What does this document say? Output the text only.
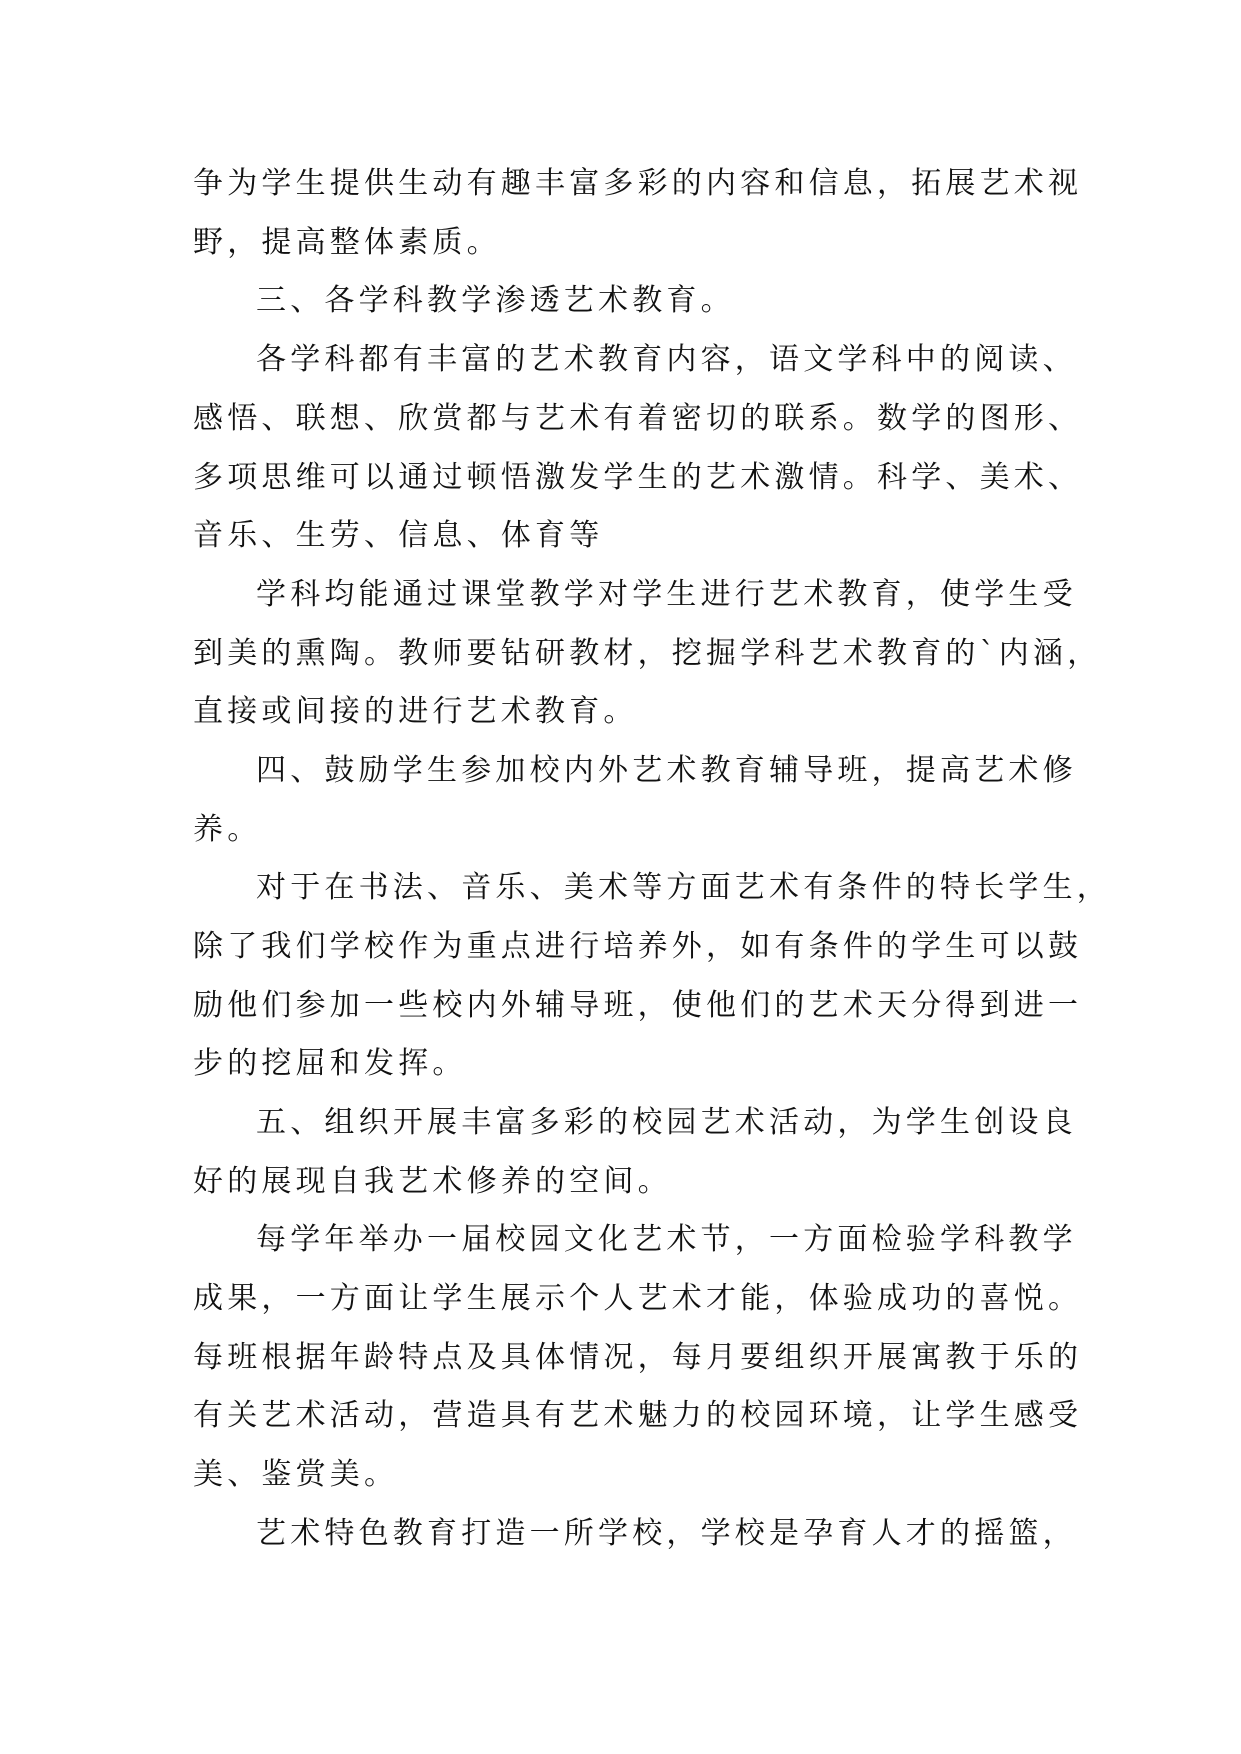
争为学生提供生动有趣丰富多彩的内容和信息，拓展艺术视
野，提高整体素质。
三、各学科教学渗透艺术教育。
各学科都有丰富的艺术教育内容，语文学科中的阅读、
感悟、联想、欣赏都与艺术有着密切的联系。数学的图形、
多项思维可以通过顿悟激发学生的艺术激情。科学、美术、
音乐、生劳、信息、体育等
学科均能通过课堂教学对学生进行艺术教育，使学生受
到美的熏陶。教师要钻研教材，挖掘学科艺术教育的`内涵，
直接或间接的进行艺术教育。
四、鼓励学生参加校内外艺术教育辅导班，提高艺术修
养。
对于在书法、音乐、美术等方面艺术有条件的特长学生，
除了我们学校作为重点进行培养外，如有条件的学生可以鼓
励他们参加一些校内外辅导班，使他们的艺术天分得到进一
步的挖屈和发挥。
五、组织开展丰富多彩的校园艺术活动，为学生创设良
好的展现自我艺术修养的空间。
每学年举办一届校园文化艺术节，一方面检验学科教学
成果，一方面让学生展示个人艺术才能，体验成功的喜悦。
每班根据年龄特点及具体情况，每月要组织开展寓教于乐的
有关艺术活动，营造具有艺术魅力的校园环境，让学生感受
美、鉴赏美。
艺术特色教育打造一所学校，学校是孕育人才的摇篮，
